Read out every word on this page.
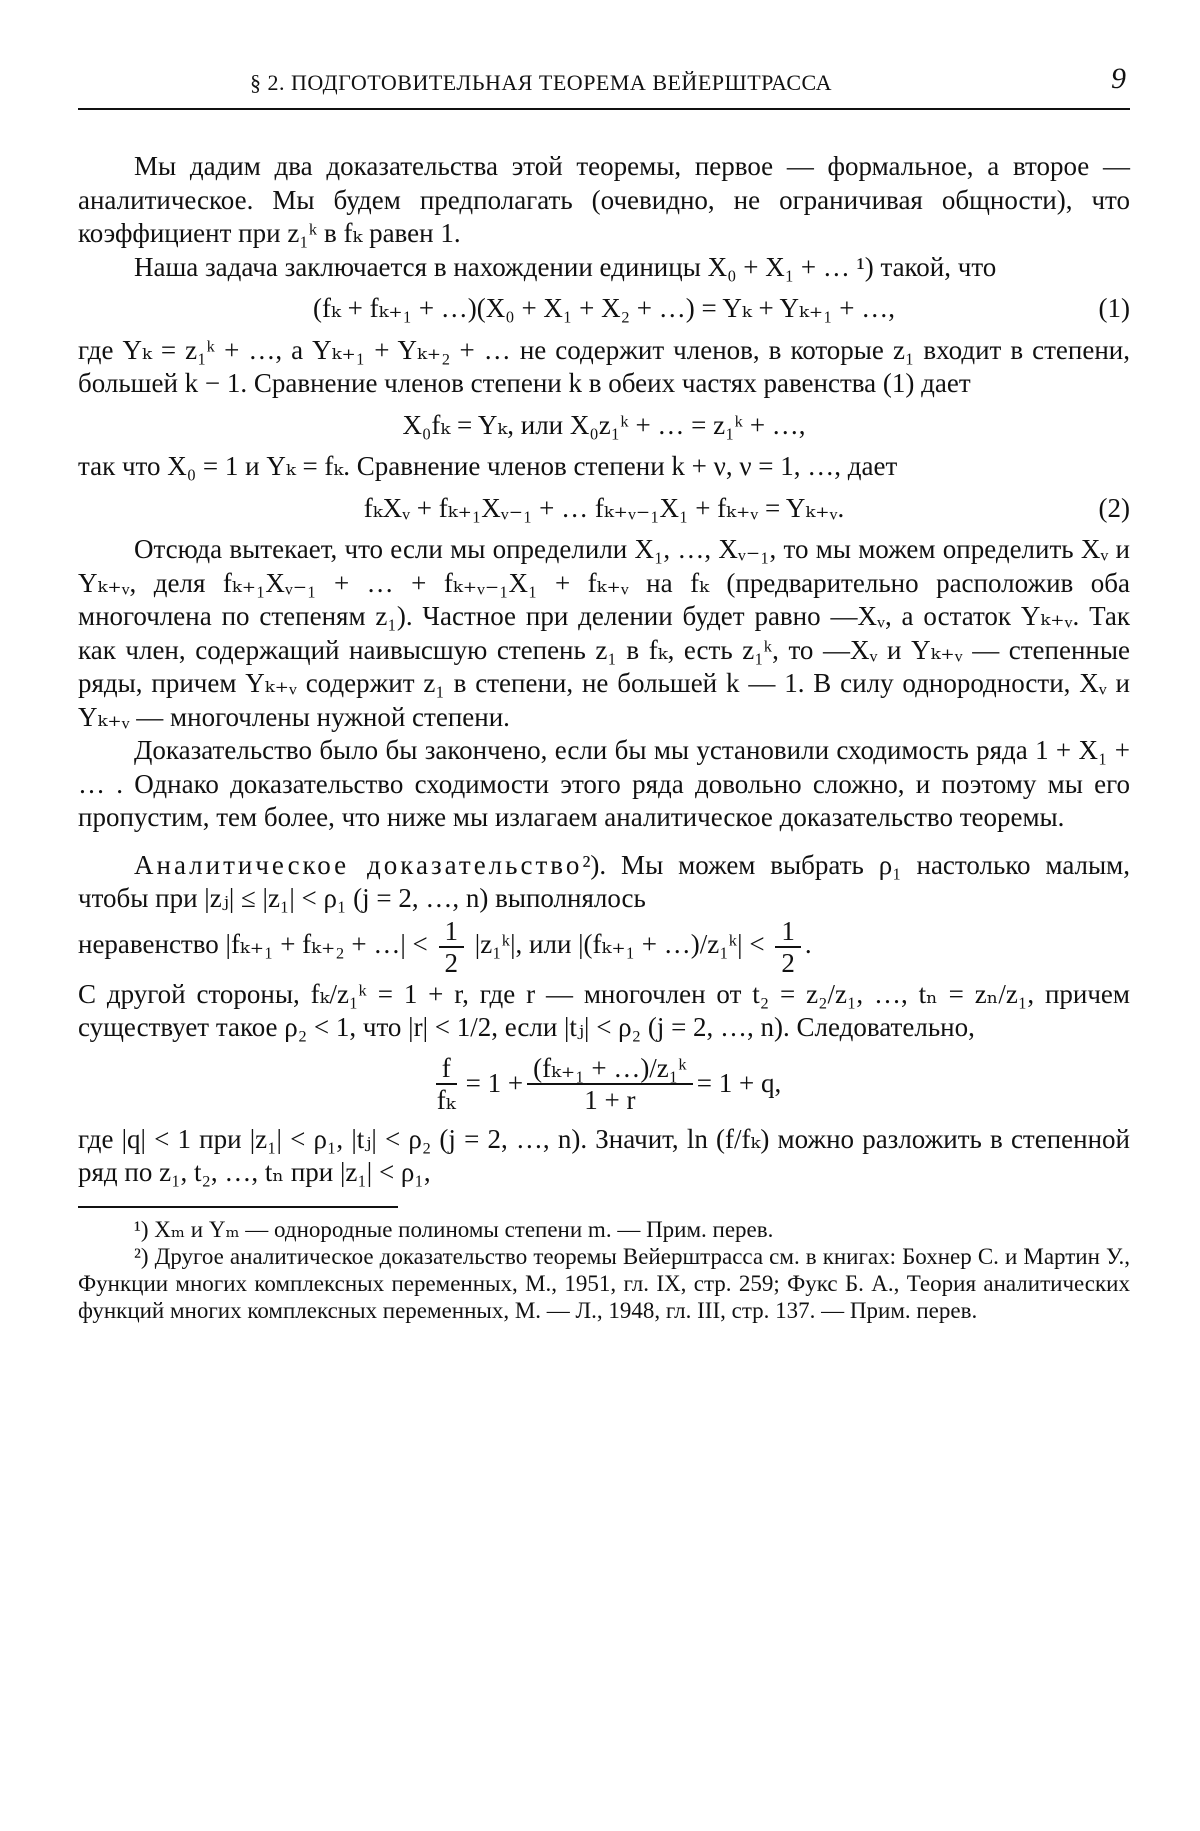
§ 2. ПОДГОТОВИТЕЛЬНАЯ ТЕОРЕМА ВЕЙЕРШТРАССА	9

Мы дадим два доказательства этой теоремы, первое — формальное, а второе — аналитическое. Мы будем предполагать (очевидно, не ограничивая общности), что коэффициент при z₁ᵏ в fₖ равен 1.

Наша задача заключается в нахождении единицы X₀ + X₁ + … ¹) такой, что

(fₖ + fₖ₊₁ + …)(X₀ + X₁ + X₂ + …) = Yₖ + Yₖ₊₁ + …,	(1)

где Yₖ = z₁ᵏ + …, а Yₖ₊₁ + Yₖ₊₂ + … не содержит членов, в которые z₁ входит в степени, большей k − 1. Сравнение членов степени k в обеих частях равенства (1) дает

X₀fₖ = Yₖ, или X₀z₁ᵏ + … = z₁ᵏ + …,

так что X₀ = 1 и Yₖ = fₖ. Сравнение членов степени k + ν, ν = 1, …, дает

fₖXᵥ + fₖ₊₁Xᵥ₋₁ + … fₖ₊ᵥ₋₁X₁ + fₖ₊ᵥ = Yₖ₊ᵥ.	(2)

Отсюда вытекает, что если мы определили X₁, …, Xᵥ₋₁, то мы можем определить Xᵥ и Yₖ₊ᵥ, деля fₖ₊₁Xᵥ₋₁ + … + fₖ₊ᵥ₋₁X₁ + fₖ₊ᵥ на fₖ (предварительно расположив оба многочлена по степеням z₁). Частное при делении будет равно —Xᵥ, а остаток Yₖ₊ᵥ. Так как член, содержащий наивысшую степень z₁ в fₖ, есть z₁ᵏ, то —Xᵥ и Yₖ₊ᵥ — степенные ряды, причем Yₖ₊ᵥ содержит z₁ в степени, не большей k — 1. В силу однородности, Xᵥ и Yₖ₊ᵥ — многочлены нужной степени.

Доказательство было бы закончено, если бы мы установили сходимость ряда 1 + X₁ + … . Однако доказательство сходимости этого ряда довольно сложно, и поэтому мы его пропустим, тем более, что ниже мы излагаем аналитическое доказательство теоремы.

Аналитическое доказательство²). Мы можем выбрать ρ₁ настолько малым, чтобы при |zⱼ| ≤ |z₁| < ρ₁ (j = 2, …, n) выполнялось

неравенство |fₖ₊₁ + fₖ₊₂ + …| < $\frac{1}{2}$ |z₁ᵏ|, или |(fₖ₊₁ + …)/z₁ᵏ| < $\frac{1}{2}$ .

С другой стороны, fₖ/z₁ᵏ = 1 + r, где r — многочлен от t₂ = z₂/z₁, …, tₙ = zₙ/z₁, причем существует такое ρ₂ < 1, что |r| < 1/2, если |tⱼ| < ρ₂ (j = 2, …, n). Следовательно,

$\frac{f}{\text{fₖ}} = 1 + \frac{\text{(fₖ₊₁ + …)/z₁ᵏ}}{1 + r} = 1 + q$,

где |q| < 1 при |z₁| < ρ₁, |tⱼ| < ρ₂ (j = 2, …, n). Значит, ln (f/fₖ) можно разложить в степенной ряд по z₁, t₂, …, tₙ при |z₁| < ρ₁,

¹) Xₘ и Yₘ — однородные полиномы степени m. — Прим. перев.

²) Другое аналитическое доказательство теоремы Вейерштрасса см. в книгах: Бохнер С. и Мартин У., Функции многих комплексных переменных, М., 1951, гл. IX, стр. 259; Фукс Б. А., Теория аналитических функций многих комплексных переменных, М. — Л., 1948, гл. III, стр. 137. — Прим. перев.
